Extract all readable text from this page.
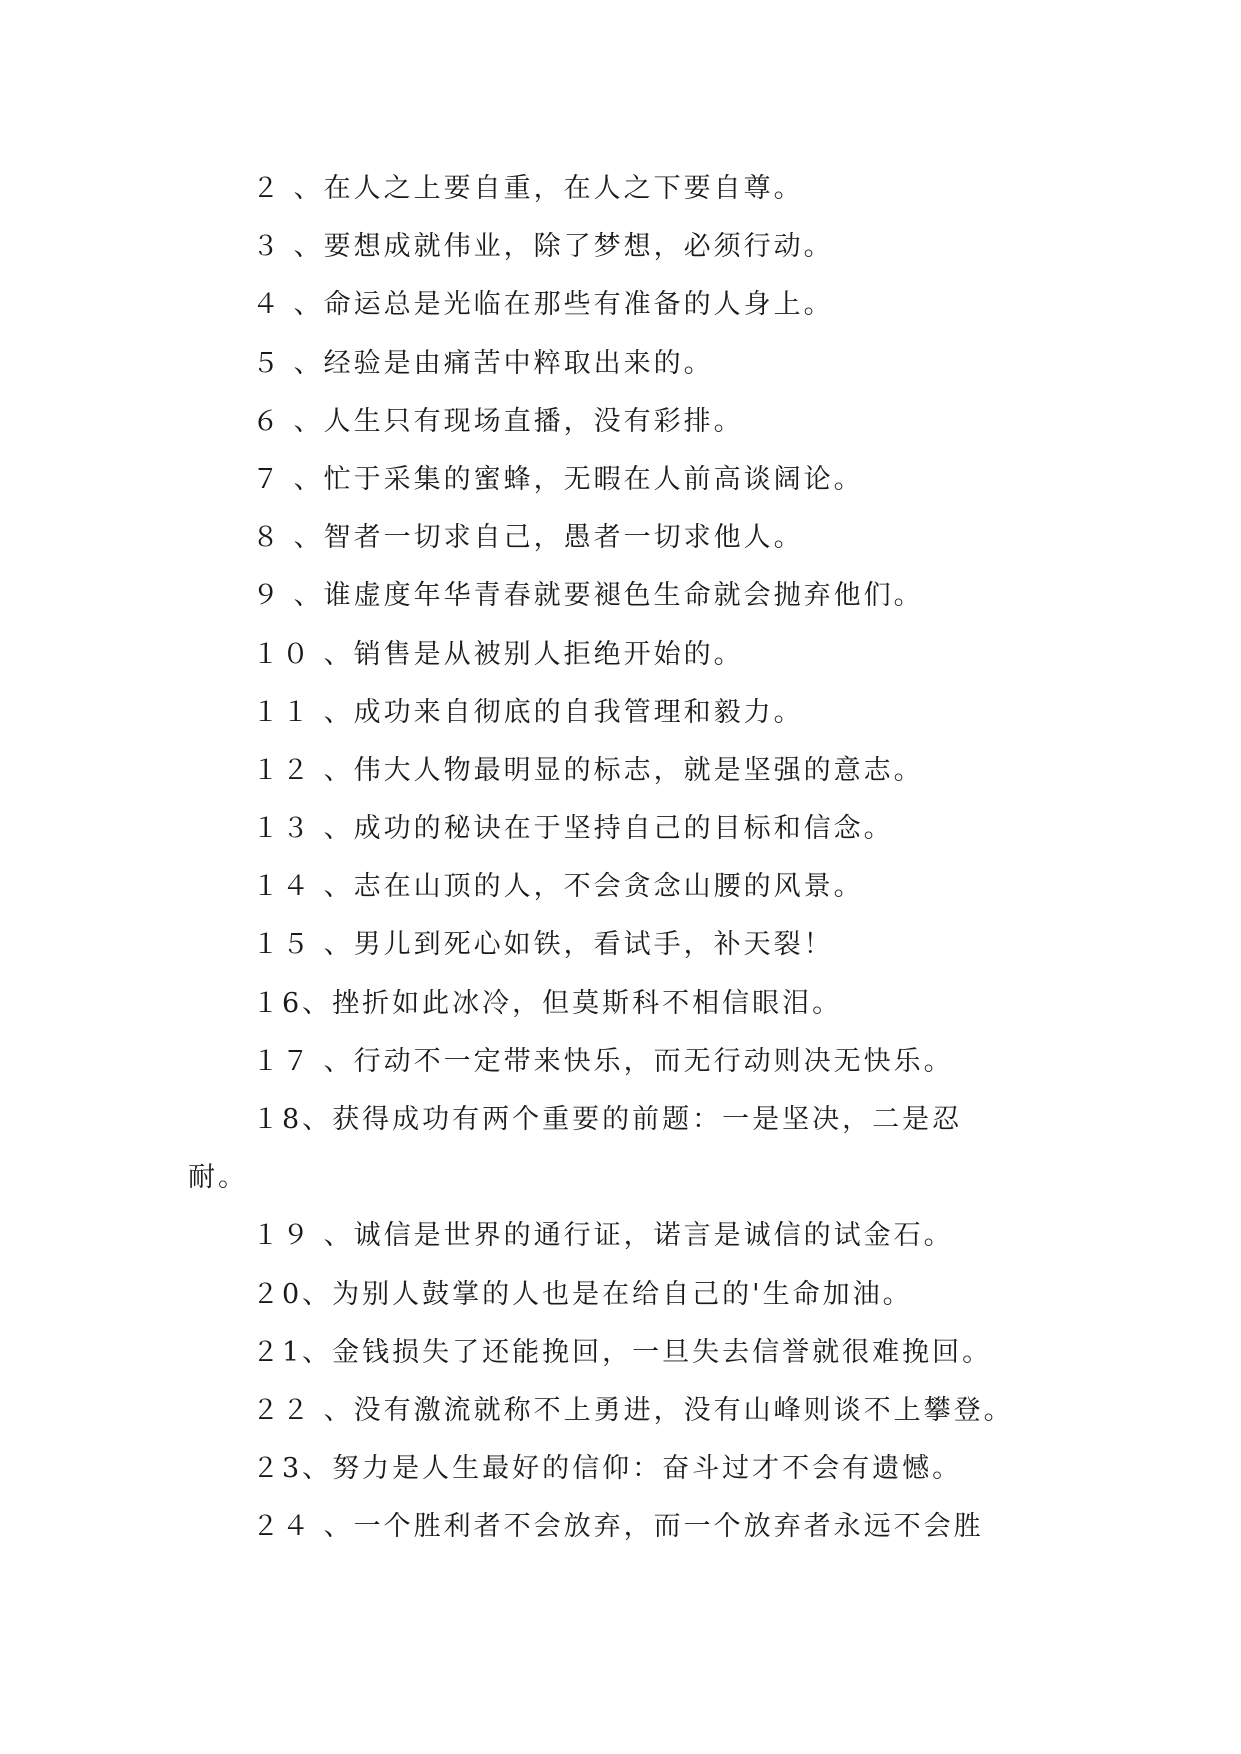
２ 、在人之上要自重，在人之下要自尊。
３ 、要想成就伟业，除了梦想，必须行动。
４ 、命运总是光临在那些有准备的人身上。
５ 、经验是由痛苦中粹取出来的。
６ 、人生只有现场直播，没有彩排。
７ 、忙于采集的蜜蜂，无暇在人前高谈阔论。
８ 、智者一切求自己，愚者一切求他人。
９ 、谁虚度年华青春就要褪色生命就会抛弃他们。
１０ 、销售是从被别人拒绝开始的。
１１ 、成功来自彻底的自我管理和毅力。
１２ 、伟大人物最明显的标志，就是坚强的意志。
１３ 、成功的秘诀在于坚持自己的目标和信念。
１４ 、志在山顶的人，不会贪念山腰的风景。
１５ 、男儿到死心如铁，看试手，补天裂！
１6、挫折如此冰冷，但莫斯科不相信眼泪。
１７ 、行动不一定带来快乐，而无行动则决无快乐。
１8、获得成功有两个重要的前题：一是坚决，二是忍
耐。
１９ 、诚信是世界的通行证，诺言是诚信的试金石。
２0、为别人鼓掌的人也是在给自己的'生命加油。
２1、金钱损失了还能挽回，一旦失去信誉就很难挽回。
２２ 、没有激流就称不上勇进，没有山峰则谈不上攀登。
２3、努力是人生最好的信仰：奋斗过才不会有遗憾。
２４ 、一个胜利者不会放弃，而一个放弃者永远不会胜
